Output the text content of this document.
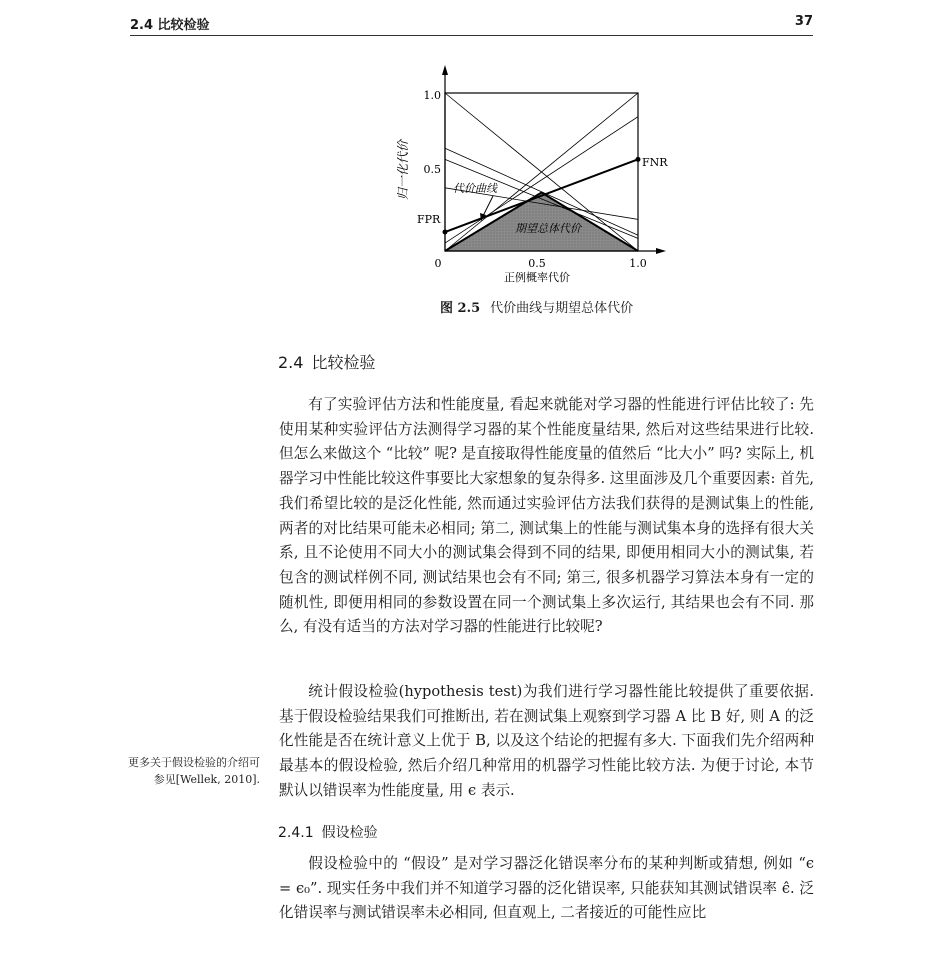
2.4 比较检验	37
归一化代价
正例概率代价
1.0
0.5
0	0.5	1.0
FNR
FPR
代价曲线
期望总体代价
图 2.5 代价曲线与期望总体代价
2.4 比较检验

有了实验评估方法和性能度量, 看起来就能对学习器的性能进行评估比较了: 先使用某种实验评估方法测得学习器的某个性能度量结果, 然后对这些结果进行比较. 但怎么来做这个 “比较” 呢? 是直接取得性能度量的值然后 “比大小” 吗? 实际上, 机器学习中性能比较这件事要比大家想象的复杂得多. 这里面涉及几个重要因素: 首先, 我们希望比较的是泛化性能, 然而通过实验评估方法我们获得的是测试集上的性能, 两者的对比结果可能未必相同; 第二, 测试集上的性能与测试集本身的选择有很大关系, 且不论使用不同大小的测试集会得到不同的结果, 即便用相同大小的测试集, 若包含的测试样例不同, 测试结果也会有不同; 第三, 很多机器学习算法本身有一定的随机性, 即便用相同的参数设置在同一个测试集上多次运行, 其结果也会有不同. 那么, 有没有适当的方法对学习器的性能进行比较呢?

统计假设检验(hypothesis test)为我们进行学习器性能比较提供了重要依据. 基于假设检验结果我们可推断出, 若在测试集上观察到学习器 A 比 B 好, 则 A 的泛化性能是否在统计意义上优于 B, 以及这个结论的把握有多大. 下面我们先介绍两种最基本的假设检验, 然后介绍几种常用的机器学习性能比较方法. 为便于讨论, 本节默认以错误率为性能度量, 用 ϵ 表示.

更多关于假设检验的介绍可参见[Wellek, 2010].
2.4.1 假设检验

假设检验中的 “假设” 是对学习器泛化错误率分布的某种判断或猜想, 例如 “ϵ = ϵ₀”. 现实任务中我们并不知道学习器的泛化错误率, 只能获知其测试错误率 ϵ̂. 泛化错误率与测试错误率未必相同, 但直观上, 二者接近的可能性应比
